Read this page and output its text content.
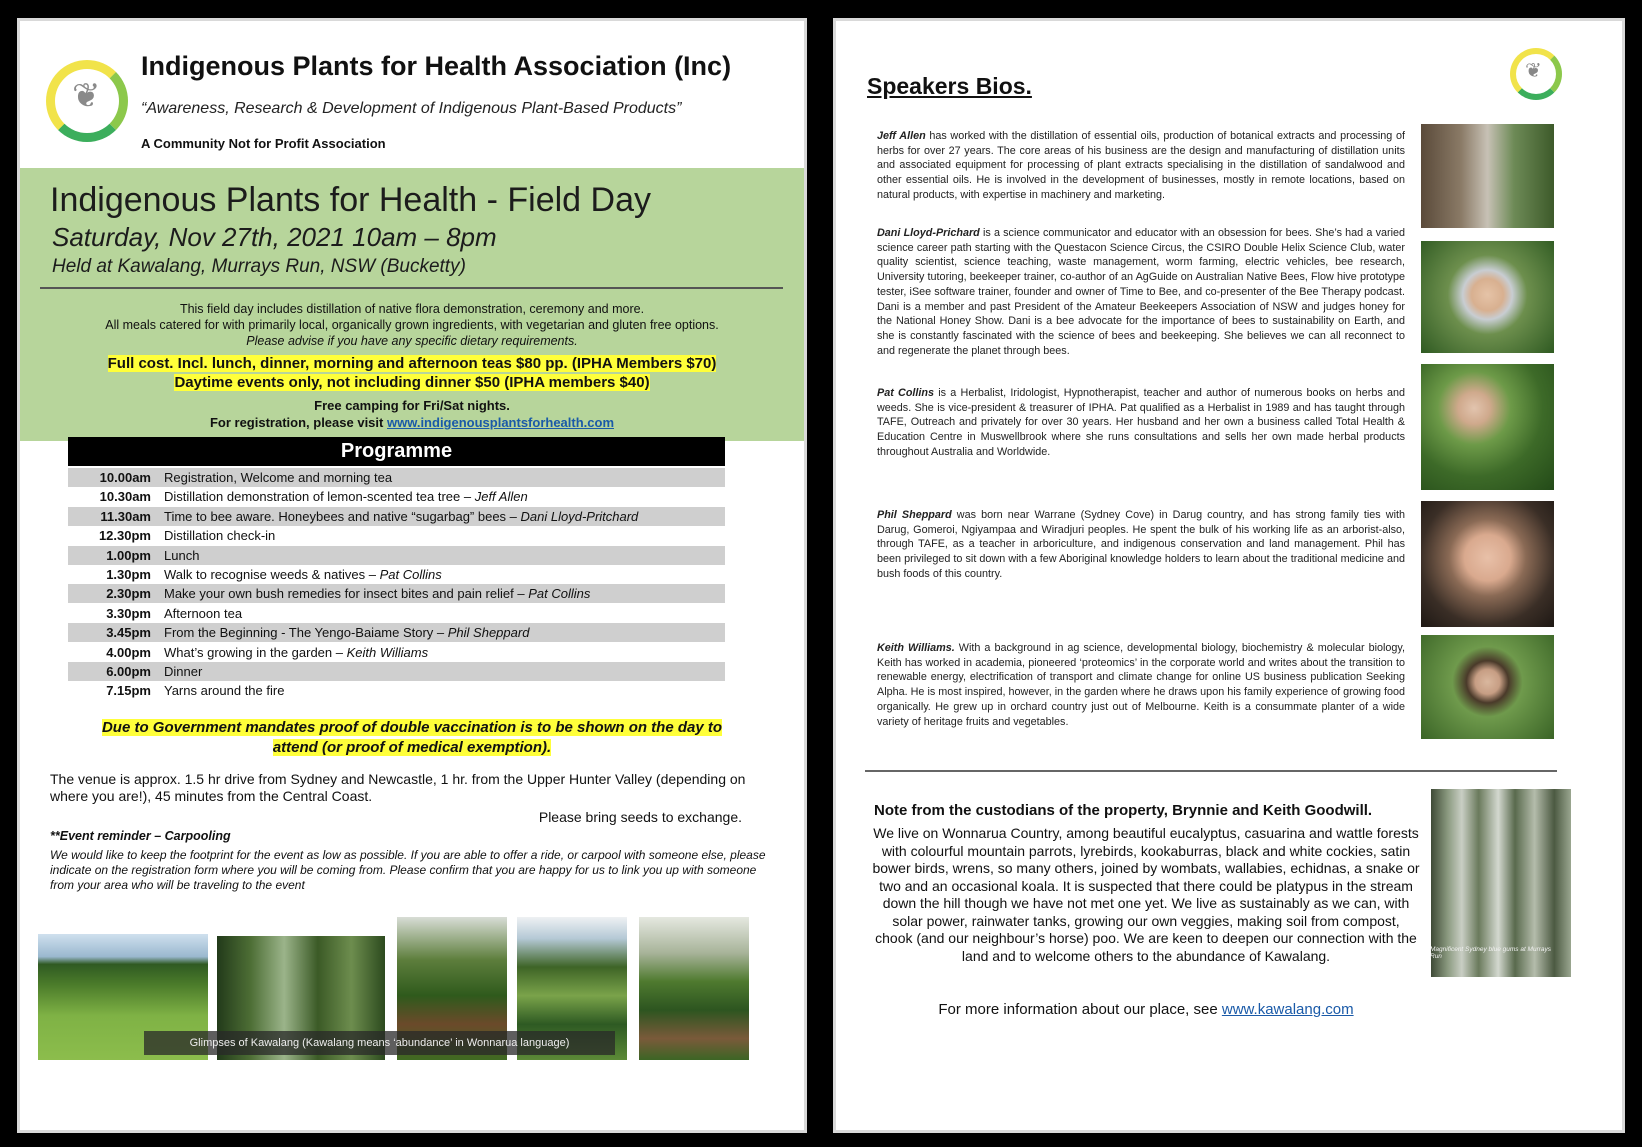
❦
Indigenous Plants for Health Association (Inc)
“Awareness, Research & Development of Indigenous Plant-Based Products”
A Community Not for Profit Association
Indigenous Plants for Health - Field Day
Saturday, Nov 27th, 2021 10am – 8pm
Held at Kawalang, Murrays Run, NSW (Bucketty)
This field day includes distillation of native flora demonstration, ceremony and more.
All meals catered for with primarily local, organically grown ingredients, with vegetarian and gluten free options.
Please advise if you have any specific dietary requirements.
Full cost. Incl. lunch, dinner, morning and afternoon teas $80 pp. (IPHA Members $70)
Daytime events only, not including dinner $50 (IPHA members $40)
Free camping for Fri/Sat nights.
For registration, please visit www.indigenousplantsforhealth.com
Programme
Due to Government mandates proof of double vaccination is to be shown on the day to
attend (or proof of medical exemption).
The venue is approx. 1.5 hr drive from Sydney and Newcastle, 1 hr. from the Upper Hunter Valley (depending on where you are!), 45 minutes from the Central Coast.
Please bring seeds to exchange.
**Event reminder – Carpooling
We would like to keep the footprint for the event as low as possible. If you are able to offer a ride, or carpool with someone else, please indicate on the registration form where you will be coming from. Please confirm that you are happy for us to link you up with someone from your area who will be traveling to the event
Glimpses of Kawalang (Kawalang means ‘abundance’ in Wonnarua language)
10.00am Registration, Welcome and morning tea
10.30am Distillation demonstration of lemon-scented tea tree – Jeff Allen
11.30am Time to bee aware. Honeybees and native “sugarbag” bees – Dani Lloyd-Pritchard
12.30pm Distillation check-in
1.00pm Lunch
1.30pm Walk to recognise weeds & natives – Pat Collins
2.30pm Make your own bush remedies for insect bites and pain relief – Pat Collins
3.30pm Afternoon tea
3.45pm From the Beginning - The Yengo-Baiame Story – Phil Sheppard
4.00pm What’s growing in the garden – Keith Williams
6.00pm Dinner
7.15pm Yarns around the fire
Speakers Bios.
❦
Jeff Allen has worked with the distillation of essential oils, production of botanical extracts and processing of herbs for over 27 years. The core areas of his business are the design and manufacturing of distillation units and associated equipment for processing of plant extracts specialising in the distillation of sandalwood and other essential oils. He is involved in the development of businesses, mostly in remote locations, based on natural products, with expertise in machinery and marketing.
Dani Lloyd-Prichard is a science communicator and educator with an obsession for bees. She’s had a varied science career path starting with the Questacon Science Circus, the CSIRO Double Helix Science Club, water quality scientist, science teaching, waste management, worm farming, electric vehicles, bee research, University tutoring, beekeeper trainer, co-author of an AgGuide on Australian Native Bees, Flow hive prototype tester, iSee software trainer, founder and owner of Time to Bee, and co-presenter of the Bee Therapy podcast. Dani is a member and past President of the Amateur Beekeepers Association of NSW and judges honey for the National Honey Show. Dani is a bee advocate for the importance of bees to sustainability on Earth, and she is constantly fascinated with the science of bees and beekeeping. She believes we can all reconnect to and regenerate the planet through bees.
Pat Collins is a Herbalist, Iridologist, Hypnotherapist, teacher and author of numerous books on herbs and weeds. She is vice-president & treasurer of IPHA. Pat qualified as a Herbalist in 1989 and has taught through TAFE, Outreach and privately for over 30 years. Her husband and her own a business called Total Health & Education Centre in Muswellbrook where she runs consultations and sells her own made herbal products throughout Australia and Worldwide.
Phil Sheppard was born near Warrane (Sydney Cove) in Darug country, and has strong family ties with Darug, Gomeroi, Ngiyampaa and Wiradjuri peoples. He spent the bulk of his working life as an arborist-also, through TAFE, as a teacher in arboriculture, and indigenous conservation and land management. Phil has been privileged to sit down with a few Aboriginal knowledge holders to learn about the traditional medicine and bush foods of this country.
Keith Williams. With a background in ag science, developmental biology, biochemistry & molecular biology, Keith has worked in academia, pioneered ‘proteomics’ in the corporate world and writes about the transition to renewable energy, electrification of transport and climate change for online US business publication Seeking Alpha. He is most inspired, however, in the garden where he draws upon his family experience of growing food organically. He grew up in orchard country just out of Melbourne. Keith is a consummate planter of a wide variety of heritage fruits and vegetables.
Note from the custodians of the property, Brynnie and Keith Goodwill.
We live on Wonnarua Country, among beautiful eucalyptus, casuarina and wattle forests with colourful mountain parrots, lyrebirds, kookaburras, black and white cockies, satin bower birds, wrens, so many others, joined by wombats, wallabies, echidnas, a snake or two and an occasional koala. It is suspected that there could be platypus in the stream down the hill though we have not met one yet. We live as sustainably as we can, with solar power, rainwater tanks, growing our own veggies, making soil from compost, chook (and our neighbour’s horse) poo. We are keen to deepen our connection with the land and to welcome others to the abundance of Kawalang.
For more information about our place, see www.kawalang.com
Magnificent Sydney blue gums at Murrays Run
